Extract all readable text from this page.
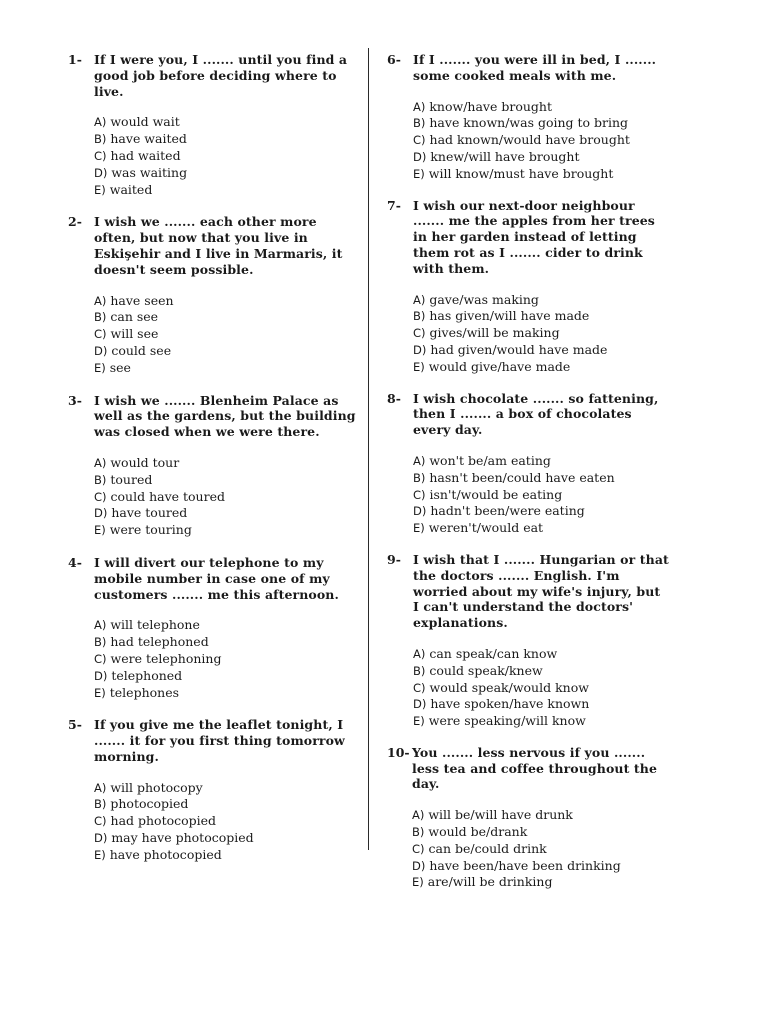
1- If I were you, I ....... until you find a good job before deciding where to live.

A) would wait
B) have waited
C) had waited
D) was waiting
E) waited
2- I wish we ....... each other more often, but now that you live in Eskişehir and I live in Marmaris, it doesn't seem possible.

A) have seen
B) can see
C) will see
D) could see
E) see
3- I wish we ....... Blenheim Palace as well as the gardens, but the building was closed when we were there.

A) would tour
B) toured
C) could have toured
D) have toured
E) were touring
4- I will divert our telephone to my mobile number in case one of my customers ....... me this afternoon.

A) will telephone
B) had telephoned
C) were telephoning
D) telephoned
E) telephones
5- If you give me the leaflet tonight, I ....... it for you first thing tomorrow morning.

A) will photocopy
B) photocopied
C) had photocopied
D) may have photocopied
E) have photocopied
6- If I ....... you were ill in bed, I ....... some cooked meals with me.

A) know/have brought
B) have known/was going to bring
C) had known/would have brought
D) knew/will have brought
E) will know/must have brought
7- I wish our next-door neighbour ....... me the apples from her trees in her garden instead of letting them rot as I ....... cider to drink with them.

A) gave/was making
B) has given/will have made
C) gives/will be making
D) had given/would have made
E) would give/have made
8- I wish chocolate ....... so fattening, then I ....... a box of chocolates every day.

A) won't be/am eating
B) hasn't been/could have eaten
C) isn't/would be eating
D) hadn't been/were eating
E) weren't/would eat
9- I wish that I ....... Hungarian or that the doctors ....... English. I'm worried about my wife's injury, but I can't understand the doctors' explanations.

A) can speak/can know
B) could speak/knew
C) would speak/would know
D) have spoken/have known
E) were speaking/will know
10- You ....... less nervous if you ....... less tea and coffee throughout the day.

A) will be/will have drunk
B) would be/drank
C) can be/could drink
D) have been/have been drinking
E) are/will be drinking
